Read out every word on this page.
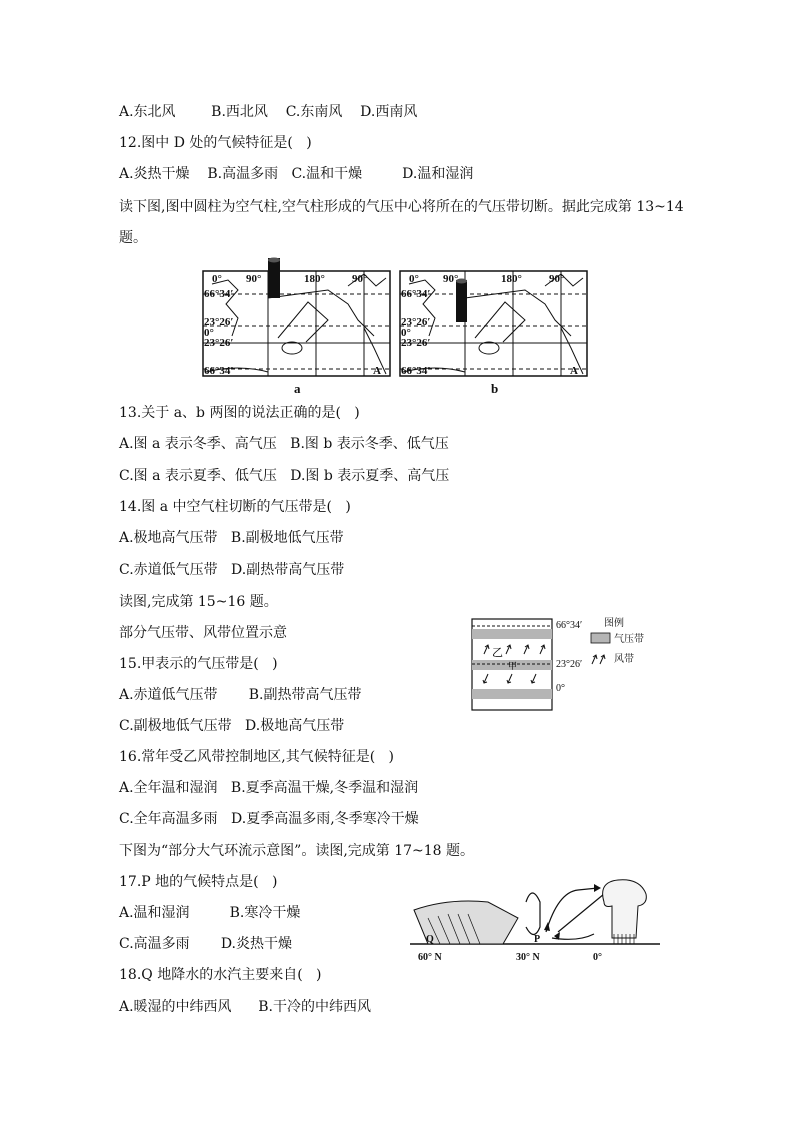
A.东北风        B.西北风    C.东南风    D.西南风
12.图中 D 处的气候特征是(   )
A.炎热干燥    B.高温多雨   C.温和干燥         D.温和湿润
读下图,图中圆柱为空气柱,空气柱形成的气压中心将所在的气压带切断。据此完成第 13~14
题。
0° 90°	180° 90°
66°34′
23°26′
0°
23°26′
66°34′	A
0° 90°	180° 90°
66°34′
23°26′
0°
23°26′
66°34′	A
a	b
13.关于 a、b 两图的说法正确的是(   )
A.图 a 表示冬季、高气压   B.图 b 表示冬季、低气压
C.图 a 表示夏季、低气压   D.图 b 表示夏季、高气压
14.图 a 中空气柱切断的气压带是(   )
A.极地高气压带   B.副极地低气压带
C.赤道低气压带   D.副热带高气压带
读图,完成第 15~16 题。
部分气压带、风带位置示意
15.甲表示的气压带是(   )
A.赤道低气压带       B.副热带高气压带
C.副极地低气压带   D.极地高气压带
乙
甲
66°34′
23°26′
0°
图例
气压带
风带
16.常年受乙风带控制地区,其气候特征是(   )
A.全年温和湿润   B.夏季高温干燥,冬季温和湿润
C.全年高温多雨   D.夏季高温多雨,冬季寒冷干燥
下图为“部分大气环流示意图”。读图,完成第 17~18 题。
17.P 地的气候特点是(   )
A.温和湿润         B.寒冷干燥
C.高温多雨       D.炎热干燥
18.Q 地降水的水汽主要来自(   )
A.暖湿的中纬西风      B.干冷的中纬西风
Q	P
60° N	30° N	0°
